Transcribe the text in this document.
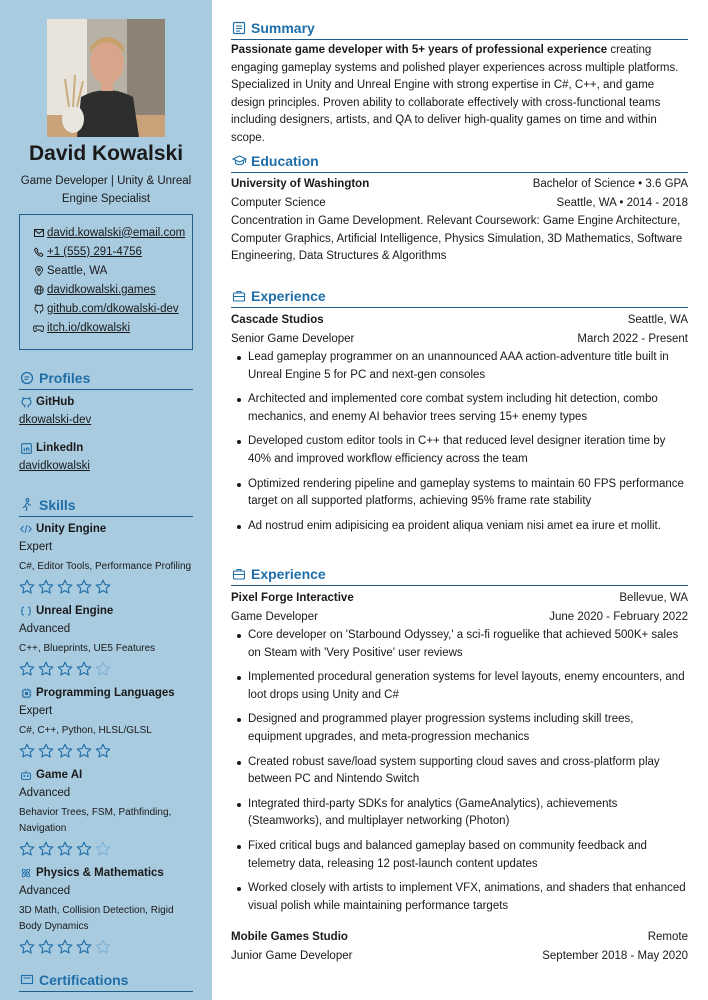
David Kowalski
Game Developer | Unity & Unreal Engine Specialist
david.kowalski@email.com
+1 (555) 291-4756
Seattle, WA
davidkowalski.games
github.com/dkowalski-dev
itch.io/dkowalski
Profiles
GitHub
dkowalski-dev
LinkedIn
davidkowalski
Skills
Unity Engine
Expert
C#, Editor Tools, Performance Profiling
Unreal Engine
Advanced
C++, Blueprints, UE5 Features
Programming Languages
Expert
C#, C++, Python, HLSL/GLSL
Game AI
Advanced
Behavior Trees, FSM, Pathfinding, Navigation
Physics & Mathematics
Advanced
3D Math, Collision Detection, Rigid Body Dynamics
Certifications
Summary
Passionate game developer with 5+ years of professional experience creating engaging gameplay systems and polished player experiences across multiple platforms. Specialized in Unity and Unreal Engine with strong expertise in C#, C++, and game design principles. Proven ability to collaborate effectively with cross-functional teams including designers, artists, and QA to deliver high-quality games on time and within scope.
Education
University of Washington	Bachelor of Science • 3.6 GPA
Computer Science	Seattle, WA • 2014 - 2018
Concentration in Game Development. Relevant Coursework: Game Engine Architecture, Computer Graphics, Artificial Intelligence, Physics Simulation, 3D Mathematics, Software Engineering, Data Structures & Algorithms
Experience
Cascade Studios	Seattle, WA
Senior Game Developer	March 2022 - Present
Lead gameplay programmer on an unannounced AAA action-adventure title built in Unreal Engine 5 for PC and next-gen consoles
Architected and implemented core combat system including hit detection, combo mechanics, and enemy AI behavior trees serving 15+ enemy types
Developed custom editor tools in C++ that reduced level designer iteration time by 40% and improved workflow efficiency across the team
Optimized rendering pipeline and gameplay systems to maintain 60 FPS performance target on all supported platforms, achieving 95% frame rate stability
Ad nostrud enim adipisicing ea proident aliqua veniam nisi amet ea irure et mollit.
Experience
Pixel Forge Interactive	Bellevue, WA
Game Developer	June 2020 - February 2022
Core developer on 'Starbound Odyssey,' a sci-fi roguelike that achieved 500K+ sales on Steam with 'Very Positive' user reviews
Implemented procedural generation systems for level layouts, enemy encounters, and loot drops using Unity and C#
Designed and programmed player progression systems including skill trees, equipment upgrades, and meta-progression mechanics
Created robust save/load system supporting cloud saves and cross-platform play between PC and Nintendo Switch
Integrated third-party SDKs for analytics (GameAnalytics), achievements (Steamworks), and multiplayer networking (Photon)
Fixed critical bugs and balanced gameplay based on community feedback and telemetry data, releasing 12 post-launch content updates
Worked closely with artists to implement VFX, animations, and shaders that enhanced visual polish while maintaining performance targets
Mobile Games Studio	Remote
Junior Game Developer	September 2018 - May 2020
